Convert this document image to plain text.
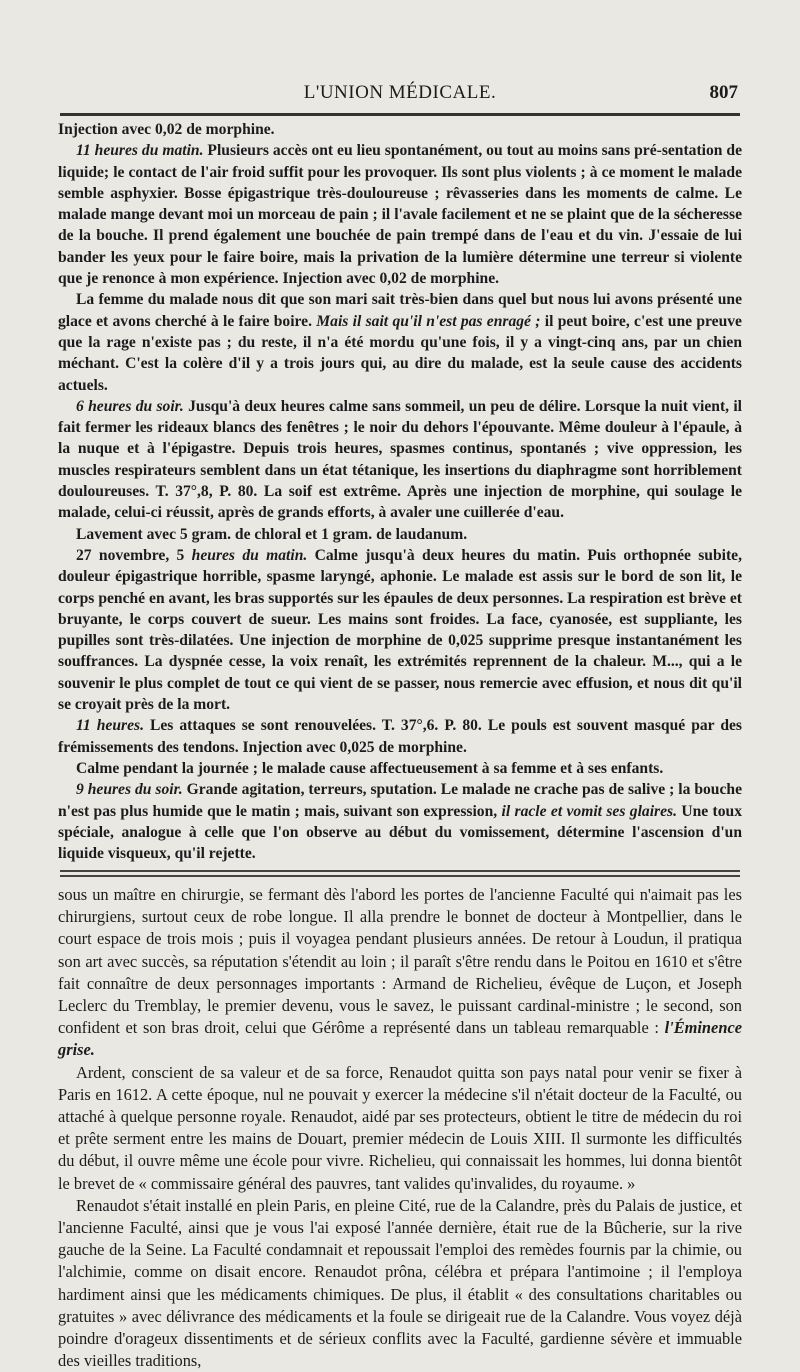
L'UNION MÉDICALE.	807

Injection avec 0,02 de morphine.

11 heures du matin. Plusieurs accès ont eu lieu spontanément, ou tout au moins sans pré-sentation de liquide; le contact de l'air froid suffit pour les provoquer. Ils sont plus violents ; à ce moment le malade semble asphyxier. Bosse épigastrique très-douloureuse ; rêvasseries dans les moments de calme. Le malade mange devant moi un morceau de pain ; il l'avale facilement et ne se plaint que de la sécheresse de la bouche. Il prend également une bouchée de pain trempé dans de l'eau et du vin. J'essaie de lui bander les yeux pour le faire boire, mais la privation de la lumière détermine une terreur si violente que je renonce à mon expérience. Injection avec 0,02 de morphine.

La femme du malade nous dit que son mari sait très-bien dans quel but nous lui avons présenté une glace et avons cherché à le faire boire. Mais il sait qu'il n'est pas enragé ; il peut boire, c'est une preuve que la rage n'existe pas ; du reste, il n'a été mordu qu'une fois, il y a vingt-cinq ans, par un chien méchant. C'est la colère d'il y a trois jours qui, au dire du malade, est la seule cause des accidents actuels.

6 heures du soir. Jusqu'à deux heures calme sans sommeil, un peu de délire. Lorsque la nuit vient, il fait fermer les rideaux blancs des fenêtres ; le noir du dehors l'épouvante. Même douleur à l'épaule, à la nuque et à l'épigastre. Depuis trois heures, spasmes continus, spontanés ; vive oppression, les muscles respirateurs semblent dans un état tétanique, les insertions du diaphragme sont horriblement douloureuses. T. 37°,8, P. 80. La soif est extrême. Après une injection de morphine, qui soulage le malade, celui-ci réussit, après de grands efforts, à avaler une cuillerée d'eau.

Lavement avec 5 gram. de chloral et 1 gram. de laudanum.

27 novembre, 5 heures du matin. Calme jusqu'à deux heures du matin. Puis orthopnée subite, douleur épigastrique horrible, spasme laryngé, aphonie. Le malade est assis sur le bord de son lit, le corps penché en avant, les bras supportés sur les épaules de deux personnes. La respiration est brève et bruyante, le corps couvert de sueur. Les mains sont froides. La face, cyanosée, est suppliante, les pupilles sont très-dilatées. Une injection de morphine de 0,025 supprime presque instantanément les souffrances. La dyspnée cesse, la voix renaît, les extrémités reprennent de la chaleur. M..., qui a le souvenir le plus complet de tout ce qui vient de se passer, nous remercie avec effusion, et nous dit qu'il se croyait près de la mort.

11 heures. Les attaques se sont renouvelées. T. 37°,6. P. 80. Le pouls est souvent masqué par des frémissements des tendons. Injection avec 0,025 de morphine.

Calme pendant la journée ; le malade cause affectueusement à sa femme et à ses enfants.

9 heures du soir. Grande agitation, terreurs, sputation. Le malade ne crache pas de salive ; la bouche n'est pas plus humide que le matin ; mais, suivant son expression, il racle et vomit ses glaires. Une toux spéciale, analogue à celle que l'on observe au début du vomissement, détermine l'ascension d'un liquide visqueux, qu'il rejette.

sous un maître en chirurgie, se fermant dès l'abord les portes de l'ancienne Faculté qui n'aimait pas les chirurgiens, surtout ceux de robe longue. Il alla prendre le bonnet de docteur à Montpellier, dans le court espace de trois mois ; puis il voyagea pendant plusieurs années. De retour à Loudun, il pratiqua son art avec succès, sa réputation s'étendit au loin ; il paraît s'être rendu dans le Poitou en 1610 et s'être fait connaître de deux personnages importants : Armand de Richelieu, évêque de Luçon, et Joseph Leclerc du Tremblay, le premier devenu, vous le savez, le puissant cardinal-ministre ; le second, son confident et son bras droit, celui que Gérôme a représenté dans un tableau remarquable : l'Éminence grise.

Ardent, conscient de sa valeur et de sa force, Renaudot quitta son pays natal pour venir se fixer à Paris en 1612. A cette époque, nul ne pouvait y exercer la médecine s'il n'était docteur de la Faculté, ou attaché à quelque personne royale. Renaudot, aidé par ses protecteurs, obtient le titre de médecin du roi et prête serment entre les mains de Douart, premier médecin de Louis XIII. Il surmonte les difficultés du début, il ouvre même une école pour vivre. Richelieu, qui connaissait les hommes, lui donna bientôt le brevet de « commissaire général des pauvres, tant valides qu'invalides, du royaume. »

Renaudot s'était installé en plein Paris, en pleine Cité, rue de la Calandre, près du Palais de justice, et l'ancienne Faculté, ainsi que je vous l'ai exposé l'année dernière, était rue de la Bûcherie, sur la rive gauche de la Seine. La Faculté condamnait et repoussait l'emploi des remèdes fournis par la chimie, ou l'alchimie, comme on disait encore. Renaudot prôna, célébra et prépara l'antimoine ; il l'employa hardiment ainsi que les médicaments chimiques. De plus, il établit « des consultations charitables ou gratuites » avec délivrance des médicaments et la foule se dirigeait rue de la Calandre. Vous voyez déjà poindre d'orageux dissentiments et de sérieux conflits avec la Faculté, gardienne sévère et immuable des vieilles traditions,
